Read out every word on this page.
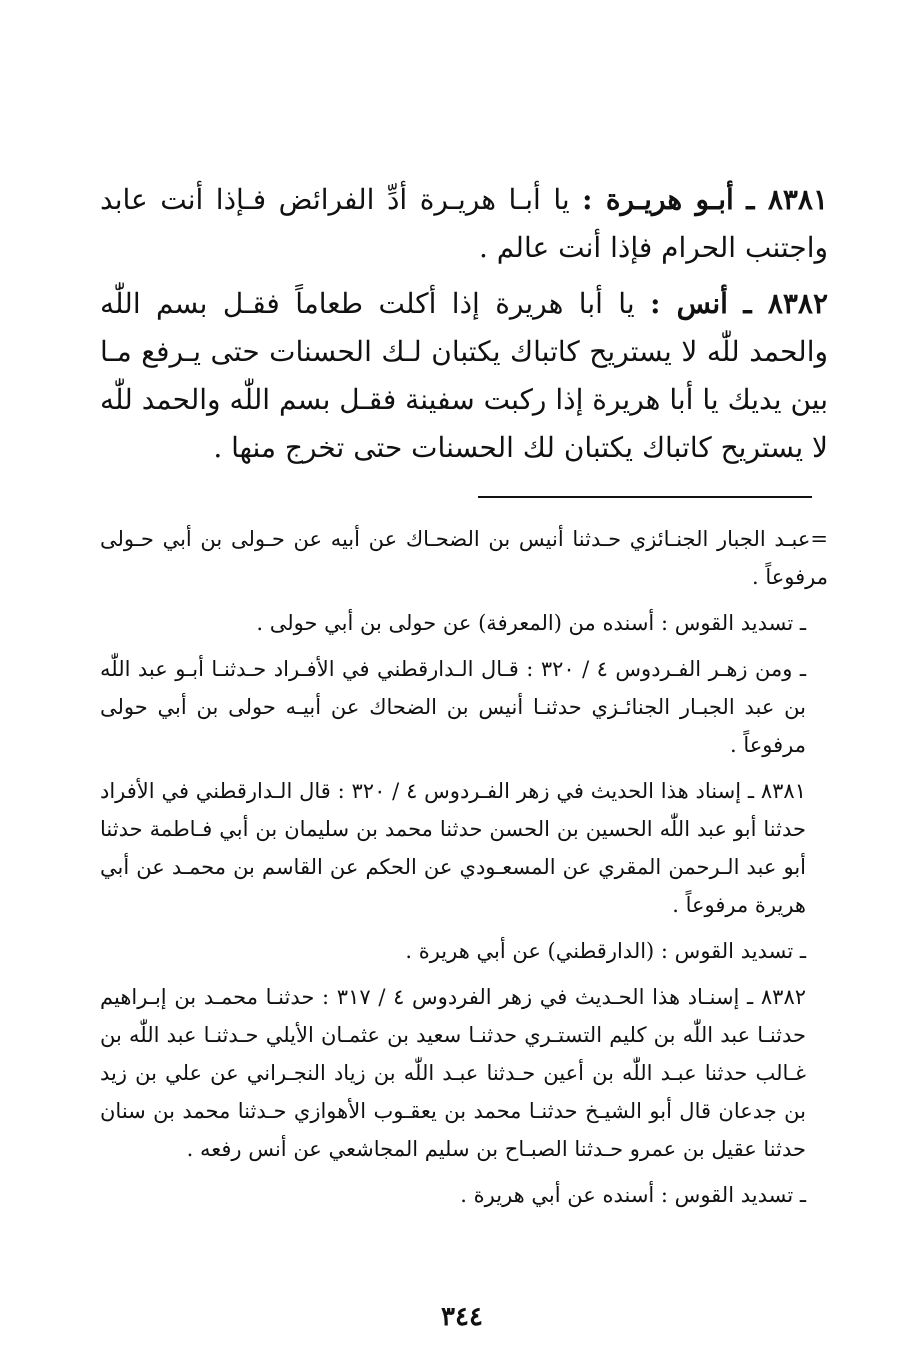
٨٣٨١ ـ أبـو هريـرة : يا أبـا هريـرة أدِّ الفرائض فـإذا أنت عابد واجتنب الحرام فإذا أنت عالم .

٨٣٨٢ ـ أنس : يا أبا هريرة إذا أكلت طعاماً فقـل بسم اللّٰه والحمد للّٰه لا يستريح كاتباك يكتبان لـك الحسنات حتى يـرفع مـا بين يديك يا أبا هريرة إذا ركبت سفينة فقـل بسم اللّٰه والحمد للّٰه لا يستريح كاتباك يكتبان لك الحسنات حتى تخرج منها .

=عبـد الجبار الجنـائزي حـدثنا أنيس بن الضحـاك عن أبيه عن حـولى بن أبي حـولى مرفوعاً .

ـ تسديد القوس : أسنده من (المعرفة) عن حولى بن أبي حولى .

ـ ومن زهـر الفـردوس ٤ / ٣٢٠ : قـال الـدارقطني في الأفـراد حـدثنـا أبـو عبد اللّٰه بن عبد الجبـار الجنائـزي حدثنـا أنيس بن الضحاك عن أبيـه حولى بن أبي حولى مرفوعاً .

٨٣٨١ ـ إسناد هذا الحديث في زهر الفـردوس ٤ / ٣٢٠ : قال الـدارقطني في الأفراد حدثنا أبو عبد اللّٰه الحسين بن الحسن حدثنا محمد بن سليمان بن أبي فـاطمة حدثنا أبو عبد الـرحمن المقري عن المسعـودي عن الحكم عن القاسم بن محمـد عن أبي هريرة مرفوعاً .

ـ تسديد القوس : (الدارقطني) عن أبي هريرة .

٨٣٨٢ ـ إسنـاد هذا الحـديث في زهر الفردوس ٤ / ٣١٧ : حدثنـا محمـد بن إبـراهيم حدثنـا عبد اللّٰه بن كليم التستـري حدثنـا سعيد بن عثمـان الأيلي حـدثنـا عبد اللّٰه بن غـالب حدثنا عبـد اللّٰه بن أعين حـدثنا عبـد اللّٰه بن زياد النجـراني عن علي بن زيد بن جدعان قال أبو الشيـخ حدثنـا محمد بن يعقـوب الأهوازي حـدثنا محمد بن سنان حدثنا عقيل بن عمرو حـدثنا الصبـاح بن سليم المجاشعي عن أنس رفعه .

ـ تسديد القوس : أسنده عن أبي هريرة .

٣٤٤
